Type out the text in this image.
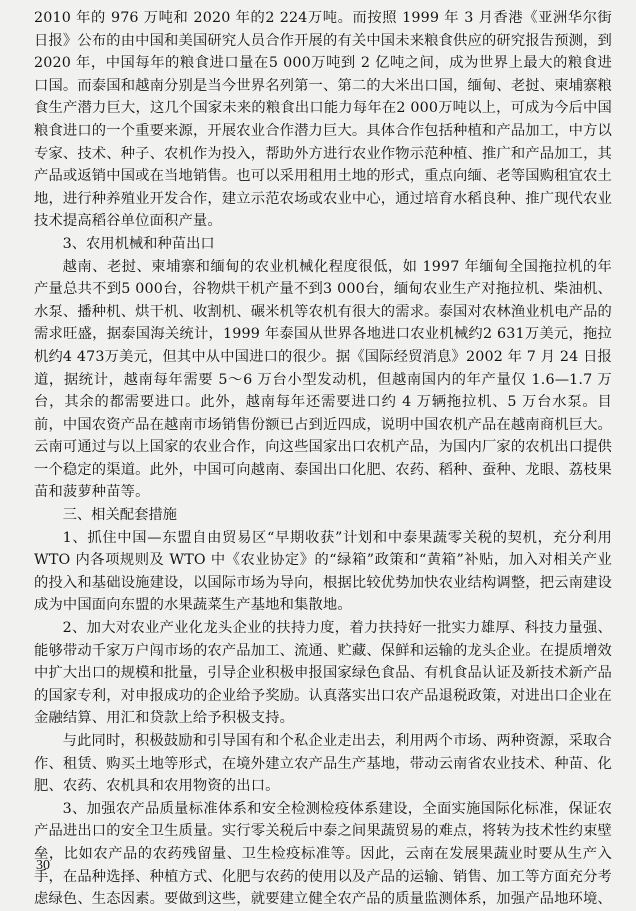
2010 年的 976 万吨和 2020 年的2 224万吨。而按照 1999 年 3 月香港《亚洲华尔街日报》公布的由中国和美国研究人员合作开展的有关中国未来粮食供应的研究报告预测，到 2020 年，中国每年的粮食进口量在5 000万吨到 2 亿吨之间，成为世界上最大的粮食进口国。而泰国和越南分别是当今世界名列第一、第二的大米出口国，缅甸、老挝、柬埔寨粮食生产潜力巨大，这几个国家未来的粮食出口能力每年在2 000万吨以上，可成为今后中国粮食进口的一个重要来源，开展农业合作潜力巨大。具体合作包括种植和产品加工，中方以专家、技术、种子、农机作为投入，帮助外方进行农业作物示范种植、推广和产品加工，其产品或返销中国或在当地销售。也可以采用租用土地的形式，重点向缅、老等国购租宜农土地，进行种养殖业开发合作，建立示范农场或农业中心，通过培育水稻良种、推广现代农业技术提高稻谷单位面积产量。

3、农用机械和种苗出口

越南、老挝、柬埔寨和缅甸的农业机械化程度很低，如 1997 年缅甸全国拖拉机的年产量总共不到5 000台，谷物烘干机产量不到3 000台，缅甸农业生产对拖拉机、柴油机、水泵、播种机、烘干机、收割机、碾米机等农机有很大的需求。泰国对农林渔业机电产品的需求旺盛，据泰国海关统计，1999 年泰国从世界各地进口农业机械约2 631万美元，拖拉机约4 473万美元，但其中从中国进口的很少。据《国际经贸消息》2002 年 7 月 24 日报道，据统计，越南每年需要 5～6 万台小型发动机，但越南国内的年产量仅 1.6—1.7 万台，其余的都需要进口。此外，越南每年还需要进口约 4 万辆拖拉机、5 万台水泵。目前，中国农资产品在越南市场销售份额已占到近四成，说明中国农机产品在越南商机巨大。云南可通过与以上国家的农业合作，向这些国家出口农机产品，为国内厂家的农机出口提供一个稳定的渠道。此外，中国可向越南、泰国出口化肥、农药、稻种、蚕种、龙眼、荔枝果苗和菠萝种苗等。

三、相关配套措施

1、抓住中国—东盟自由贸易区“早期收获”计划和中泰果蔬零关税的契机，充分利用 WTO 内各项规则及 WTO 中《农业协定》的“绿箱”政策和“黄箱”补贴，加入对相关产业的投入和基础设施建设，以国际市场为导向，根据比较优势加快农业结构调整，把云南建设成为中国面向东盟的水果蔬菜生产基地和集散地。

2、加大对农业产业化龙头企业的扶持力度，着力扶持好一批实力雄厚、科技力量强、能够带动千家万户闯市场的农产品加工、流通、贮藏、保鲜和运输的龙头企业。在提质增效中扩大出口的规模和批量，引导企业积极申报国家绿色食品、有机食品认证及新技术新产品的国家专利，对申报成功的企业给予奖励。认真落实出口农产品退税政策，对进出口企业在金融结算、用汇和贷款上给予积极支持。

与此同时，积极鼓励和引导国有和个私企业走出去，利用两个市场、两种资源，采取合作、租赁、购买土地等形式，在境外建立农产品生产基地，带动云南省农业技术、种苗、化肥、农药、农机具和农用物资的出口。

3、加强农产品质量标准体系和安全检测检疫体系建设，全面实施国际化标准，保证农产品进出口的安全卫生质量。实行零关税后中泰之间果蔬贸易的难点，将转为技术性约束壁垒，比如农产品的农药残留量、卫生检疫标准等。因此，云南在发展果蔬业时要从生产入手，在品种选择、种植方式、化肥与农药的使用以及产品的运输、销售、加工等方面充分考虑绿色、生态因素。要做到这些，就要建立健全农产品的质量监测体系，加强产品地环境、

30
